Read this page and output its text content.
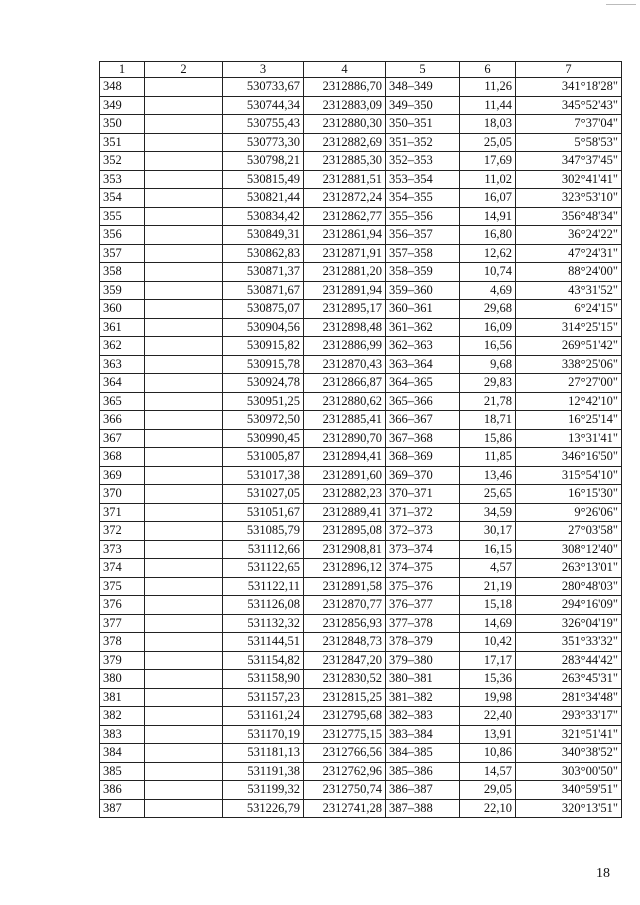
1	2	3	4	5	6	7
348		530733,67	2312886,70	348–349	11,26	341°18'28"
349		530744,34	2312883,09	349–350	11,44	345°52'43"
350		530755,43	2312880,30	350–351	18,03	7°37'04"
351		530773,30	2312882,69	351–352	25,05	5°58'53"
352		530798,21	2312885,30	352–353	17,69	347°37'45"
353		530815,49	2312881,51	353–354	11,02	302°41'41"
354		530821,44	2312872,24	354–355	16,07	323°53'10"
355		530834,42	2312862,77	355–356	14,91	356°48'34"
356		530849,31	2312861,94	356–357	16,80	36°24'22"
357		530862,83	2312871,91	357–358	12,62	47°24'31"
358		530871,37	2312881,20	358–359	10,74	88°24'00"
359		530871,67	2312891,94	359–360	4,69	43°31'52"
360		530875,07	2312895,17	360–361	29,68	6°24'15"
361		530904,56	2312898,48	361–362	16,09	314°25'15"
362		530915,82	2312886,99	362–363	16,56	269°51'42"
363		530915,78	2312870,43	363–364	9,68	338°25'06"
364		530924,78	2312866,87	364–365	29,83	27°27'00"
365		530951,25	2312880,62	365–366	21,78	12°42'10"
366		530972,50	2312885,41	366–367	18,71	16°25'14"
367		530990,45	2312890,70	367–368	15,86	13°31'41"
368		531005,87	2312894,41	368–369	11,85	346°16'50"
369		531017,38	2312891,60	369–370	13,46	315°54'10"
370		531027,05	2312882,23	370–371	25,65	16°15'30"
371		531051,67	2312889,41	371–372	34,59	9°26'06"
372		531085,79	2312895,08	372–373	30,17	27°03'58"
373		531112,66	2312908,81	373–374	16,15	308°12'40"
374		531122,65	2312896,12	374–375	4,57	263°13'01"
375		531122,11	2312891,58	375–376	21,19	280°48'03"
376		531126,08	2312870,77	376–377	15,18	294°16'09"
377		531132,32	2312856,93	377–378	14,69	326°04'19"
378		531144,51	2312848,73	378–379	10,42	351°33'32"
379		531154,82	2312847,20	379–380	17,17	283°44'42"
380		531158,90	2312830,52	380–381	15,36	263°45'31"
381		531157,23	2312815,25	381–382	19,98	281°34'48"
382		531161,24	2312795,68	382–383	22,40	293°33'17"
383		531170,19	2312775,15	383–384	13,91	321°51'41"
384		531181,13	2312766,56	384–385	10,86	340°38'52"
385		531191,38	2312762,96	385–386	14,57	303°00'50"
386		531199,32	2312750,74	386–387	29,05	340°59'51"
387		531226,79	2312741,28	387–388	22,10	320°13'51"
18
